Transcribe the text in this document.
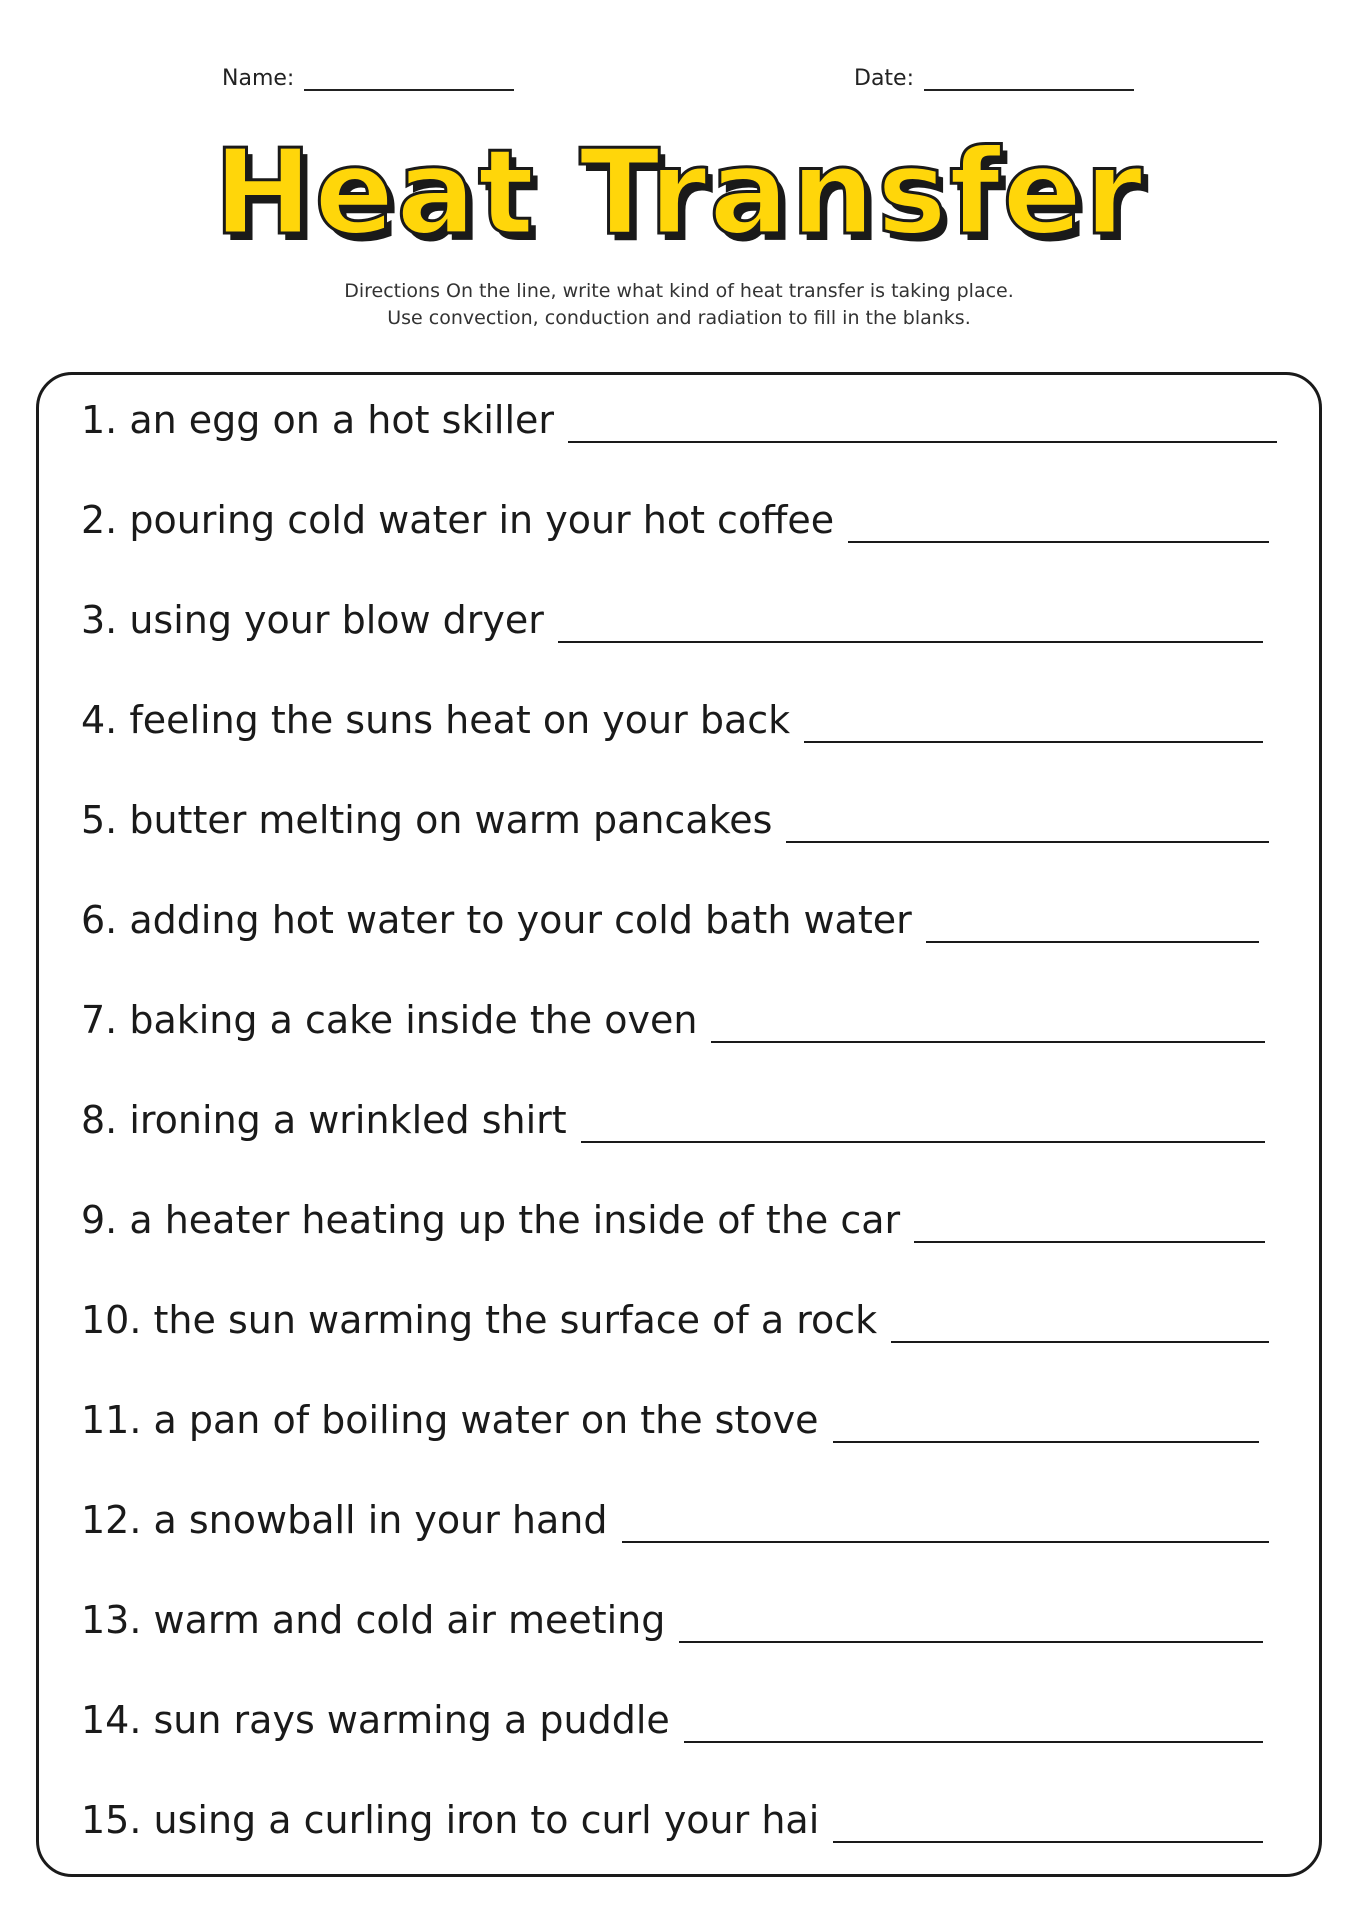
Name:	Date:
Heat Transfer
Directions On the line, write what kind of heat transfer is taking place.
Use convection, conduction and radiation to fill in the blanks.
1. an egg on a hot skiller
2. pouring cold water in your hot coffee
3. using your blow dryer
4. feeling the suns heat on your back
5. butter melting on warm pancakes
6. adding hot water to your cold bath water
7. baking a cake inside the oven
8. ironing a wrinkled shirt
9. a heater heating up the inside of the car
10. the sun warming the surface of a rock
11. a pan of boiling water on the stove
12. a snowball in your hand
13. warm and cold air meeting
14. sun rays warming a puddle
15. using a curling iron to curl your hai
